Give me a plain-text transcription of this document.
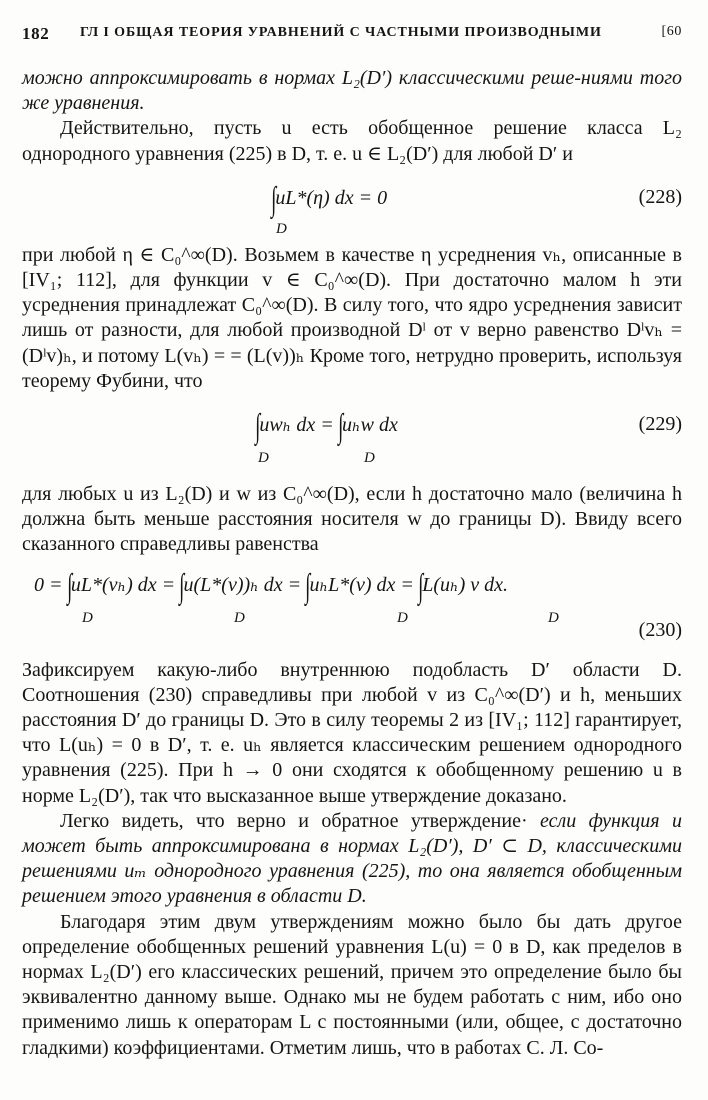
182 ГЛ I ОБЩАЯ ТЕОРИЯ УРАВНЕНИЙ С ЧАСТНЫМИ ПРОИЗВОДНЫМИ	[60

можно аппроксимировать в нормах L₂(D′) классическими реше-ниями того же уравнения.

Действительно, пусть u есть обобщенное решение класса L₂ однородного уравнения (225) в D, т. е. u ∈ L₂(D′) для любой D′ и

∫uL*(η) dx = 0
D
(228)

при любой η ∈ C₀^∞(D). Возьмем в качестве η усреднения vₕ, описанные в [IV₁; 112], для функции v ∈ C₀^∞(D). При достаточно малом h эти усреднения принадлежат C₀^∞(D). В силу того, что ядро усреднения зависит лишь от разности, для любой производной Dˡ от v верно равенство Dˡvₕ = (Dˡv)ₕ, и потому L(vₕ) = = (L(v))ₕ Кроме того, нетрудно проверить, используя теорему Фубини, что

∫uwₕ dx = ∫uₕw dx
D	D
(229)

для любых u из L₂(D) и w из C₀^∞(D), если h достаточно мало (величина h должна быть меньше расстояния носителя w до границы D). Ввиду всего сказанного справедливы равенства

0 = ∫uL*(vₕ) dx = ∫u(L*(v))ₕ dx = ∫uₕL*(v) dx = ∫L(uₕ) v dx.
D	D	D	D
(230)

Зафиксируем какую-либо внутреннюю подобласть D′ области D. Соотношения (230) справедливы при любой v из C₀^∞(D′) и h, меньших расстояния D′ до границы D. Это в силу теоремы 2 из [IV₁; 112] гарантирует, что L(uₕ) = 0 в D′, т. е. uₕ является классическим решением однородного уравнения (225). При h → 0 они сходятся к обобщенному решению u в норме L₂(D′), так что высказанное выше утверждение доказано.

Легко видеть, что верно и обратное утверждение· если функция и может быть аппроксимирована в нормах L₂(D′), D′ ⊂ D, классическими решениями uₘ однородного уравнения (225), то она является обобщенным решением этого уравнения в области D.

Благодаря этим двум утверждениям можно было бы дать другое определение обобщенных решений уравнения L(u) = 0 в D, как пределов в нормах L₂(D′) его классических решений, причем это определение было бы эквивалентно данному выше. Однако мы не будем работать с ним, ибо оно применимо лишь к операторам L с постоянными (или, общее, с достаточно гладкими) коэффициентами. Отметим лишь, что в работах С. Л. Со-
